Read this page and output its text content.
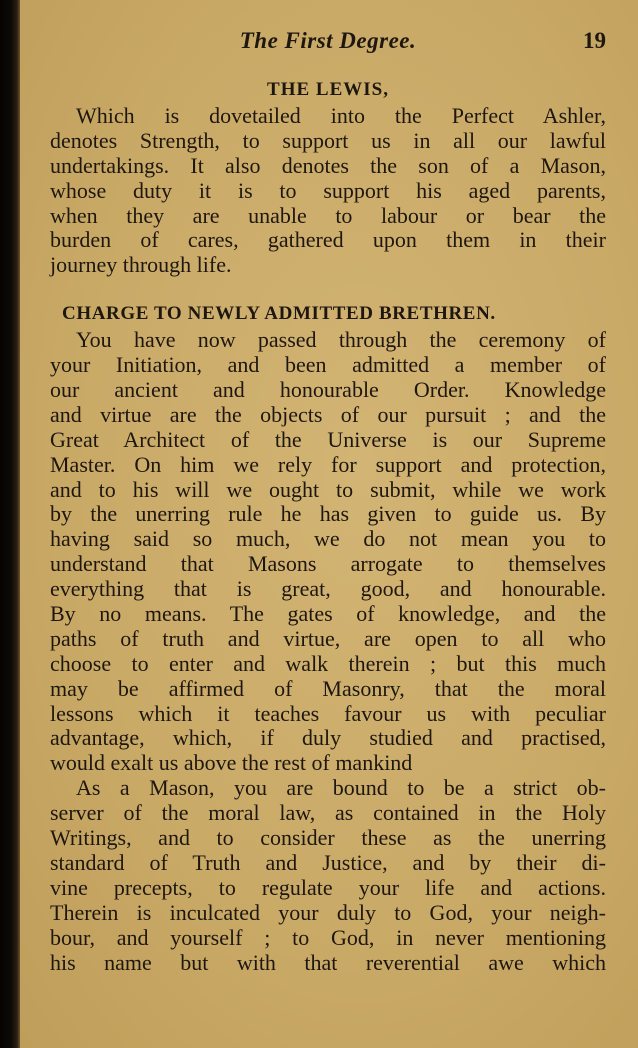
The First Degree.	19
THE LEWIS,
Which is dovetailed into the Perfect Ashler,
denotes Strength, to support us in all our lawful
undertakings. It also denotes the son of a Mason,
whose duty it is to support his aged parents,
when they are unable to labour or bear the
burden of cares, gathered upon them in their
journey through life.
CHARGE TO NEWLY ADMITTED BRETHREN.
You have now passed through the ceremony of
your Initiation, and been admitted a member of
our ancient and honourable Order. Knowledge
and virtue are the objects of our pursuit ; and the
Great Architect of the Universe is our Supreme
Master. On him we rely for support and protection,
and to his will we ought to submit, while we work
by the unerring rule he has given to guide us. By
having said so much, we do not mean you to
understand that Masons arrogate to themselves
everything that is great, good, and honourable.
By no means. The gates of knowledge, and the
paths of truth and virtue, are open to all who
choose to enter and walk therein ; but this much
may be affirmed of Masonry, that the moral
lessons which it teaches favour us with peculiar
advantage, which, if duly studied and practised,
would exalt us above the rest of mankind
As a Mason, you are bound to be a strict ob-
server of the moral law, as contained in the Holy
Writings, and to consider these as the unerring
standard of Truth and Justice, and by their di-
vine precepts, to regulate your life and actions.
Therein is inculcated your duly to God, your neigh-
bour, and yourself ; to God, in never mentioning
his name but with that reverential awe which
